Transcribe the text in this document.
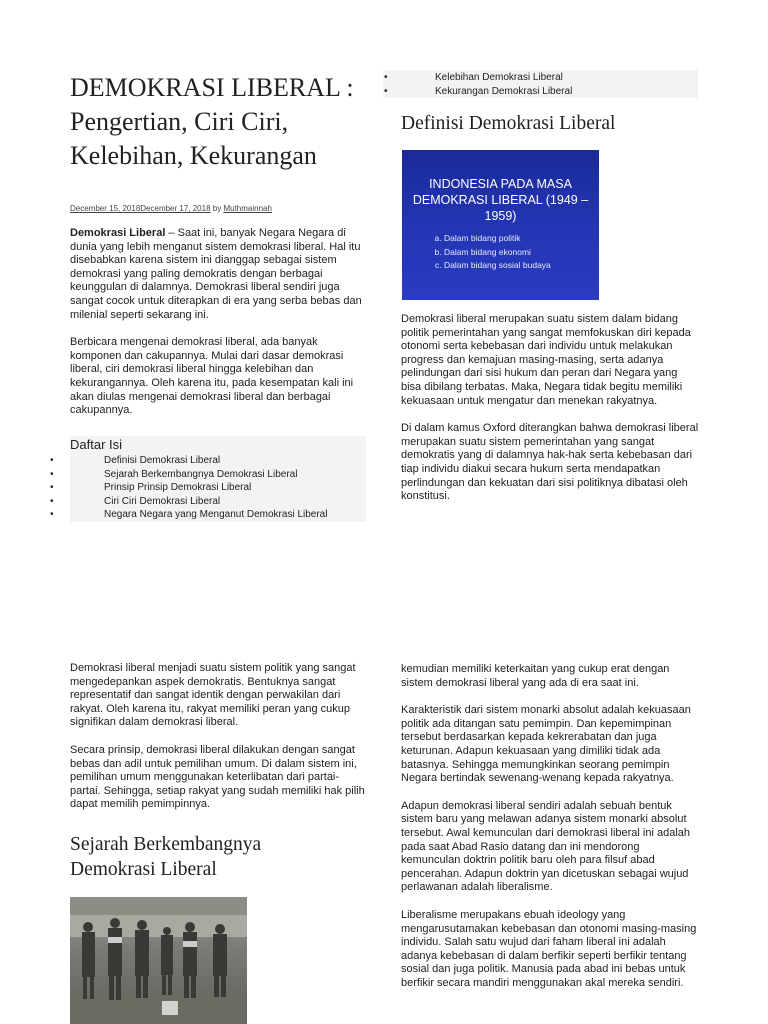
DEMOKRASI LIBERAL : Pengertian, Ciri Ciri, Kelebihan, Kekurangan
December 15, 2018December 17, 2018 by Muthmainnah

Demokrasi Liberal – Saat ini, banyak Negara Negara di dunia yang lebih menganut sistem demokrasi liberal. Hal itu disebabkan karena sistem ini dianggap sebagai sistem demokrasi yang paling demokratis dengan berbagai keunggulan di dalamnya. Demokrasi liberal sendiri juga sangat cocok untuk diterapkan di era yang serba bebas dan milenial seperti sekarang ini.

Berbicara mengenai demokrasi liberal, ada banyak komponen dan cakupannya. Mulai dari dasar demokrasi liberal, ciri demokrasi liberal hingga kelebihan dan kekurangannya. Oleh karena itu, pada kesempatan kali ini akan diulas mengenai demokrasi liberal dan berbagai cakupannya.

Daftar Isi
•	Definisi Demokrasi Liberal
•	Sejarah Berkembangnya Demokrasi Liberal
•	Prinsip Prinsip Demokrasi Liberal
•	Ciri Ciri Demokrasi Liberal
•	Negara Negara yang Menganut Demokrasi Liberal
•	Kelebihan Demokrasi Liberal
•	Kekurangan Demokrasi Liberal
Definisi Demokrasi Liberal
INDONESIA PADA MASA DEMOKRASI LIBERAL (1949 – 1959)
a. Dalam bidang politik
b. Dalam bidang ekonomi
c. Dalam bidang sosial budaya

Demokrasi liberal merupakan suatu sistem dalam bidang politik pemerintahan yang sangat memfokuskan diri kepada otonomi serta kebebasan dari individu untuk melakukan progress dan kemajuan masing-masing, serta adanya pelindungan dari sisi hukum dan peran dari Negara yang bisa dibilang terbatas. Maka, Negara tidak begitu memiliki kekuasaan untuk mengatur dan menekan rakyatnya.

Di dalam kamus Oxford diterangkan bahwa demokrasi liberal merupakan suatu sistem pemerintahan yang sangat demokratis yang di dalamnya hak-hak serta kebebasan dari tiap individu diakui secara hukum serta mendapatkan perlindungan dan kekuatan dari sisi politiknya dibatasi oleh konstitusi.

Demokrasi liberal menjadi suatu sistem politik yang sangat mengedepankan aspek demokratis. Bentuknya sangat representatif dan sangat identik dengan perwakilan dari rakyat. Oleh karena itu, rakyat memiliki peran yang cukup signifikan dalam demokrasi liberal.

Secara prinsip, demokrasi liberal dilakukan dengan sangat bebas dan adil untuk pemilihan umum. Di dalam sistem ini, pemilihan umum menggunakan keterlibatan dari partai-partai. Sehingga, setiap rakyat yang sudah memiliki hak pilih dapat memilih pemimpinnya.

Sejarah Berkembangnya Demokrasi Liberal

kemudian memiliki keterkaitan yang cukup erat dengan sistem demokrasi liberal yang ada di era saat ini.

Karakteristik dari sistem monarki absolut adalah kekuasaan politik ada ditangan satu pemimpin. Dan kepemimpinan tersebut berdasarkan kepada kekrerabatan dan juga keturunan. Adapun kekuasaan yang dimiliki tidak ada batasnya. Sehingga memungkinkan seorang pemimpin Negara bertindak sewenang-wenang kepada rakyatnya.

Adapun demokrasi liberal sendiri adalah sebuah bentuk sistem baru yang melawan adanya sistem monarki absolut tersebut. Awal kemunculan dari demokrasi liberal ini adalah pada saat Abad Rasio datang dan ini mendorong kemunculan doktrin politik baru oleh para filsuf abad pencerahan. Adapun doktrin yan dicetuskan sebagai wujud perlawanan adalah liberalisme.

Liberalisme merupakans ebuah ideology yang mengarusutamakan kebebasan dan otonomi masing-masing individu. Salah satu wujud dari faham liberal ini adalah adanya kebebasan di dalam berfikir seperti berfikir tentang sosial dan juga politik. Manusia pada abad ini bebas untuk berfikir secara mandiri menggunakan akal mereka sendiri.
